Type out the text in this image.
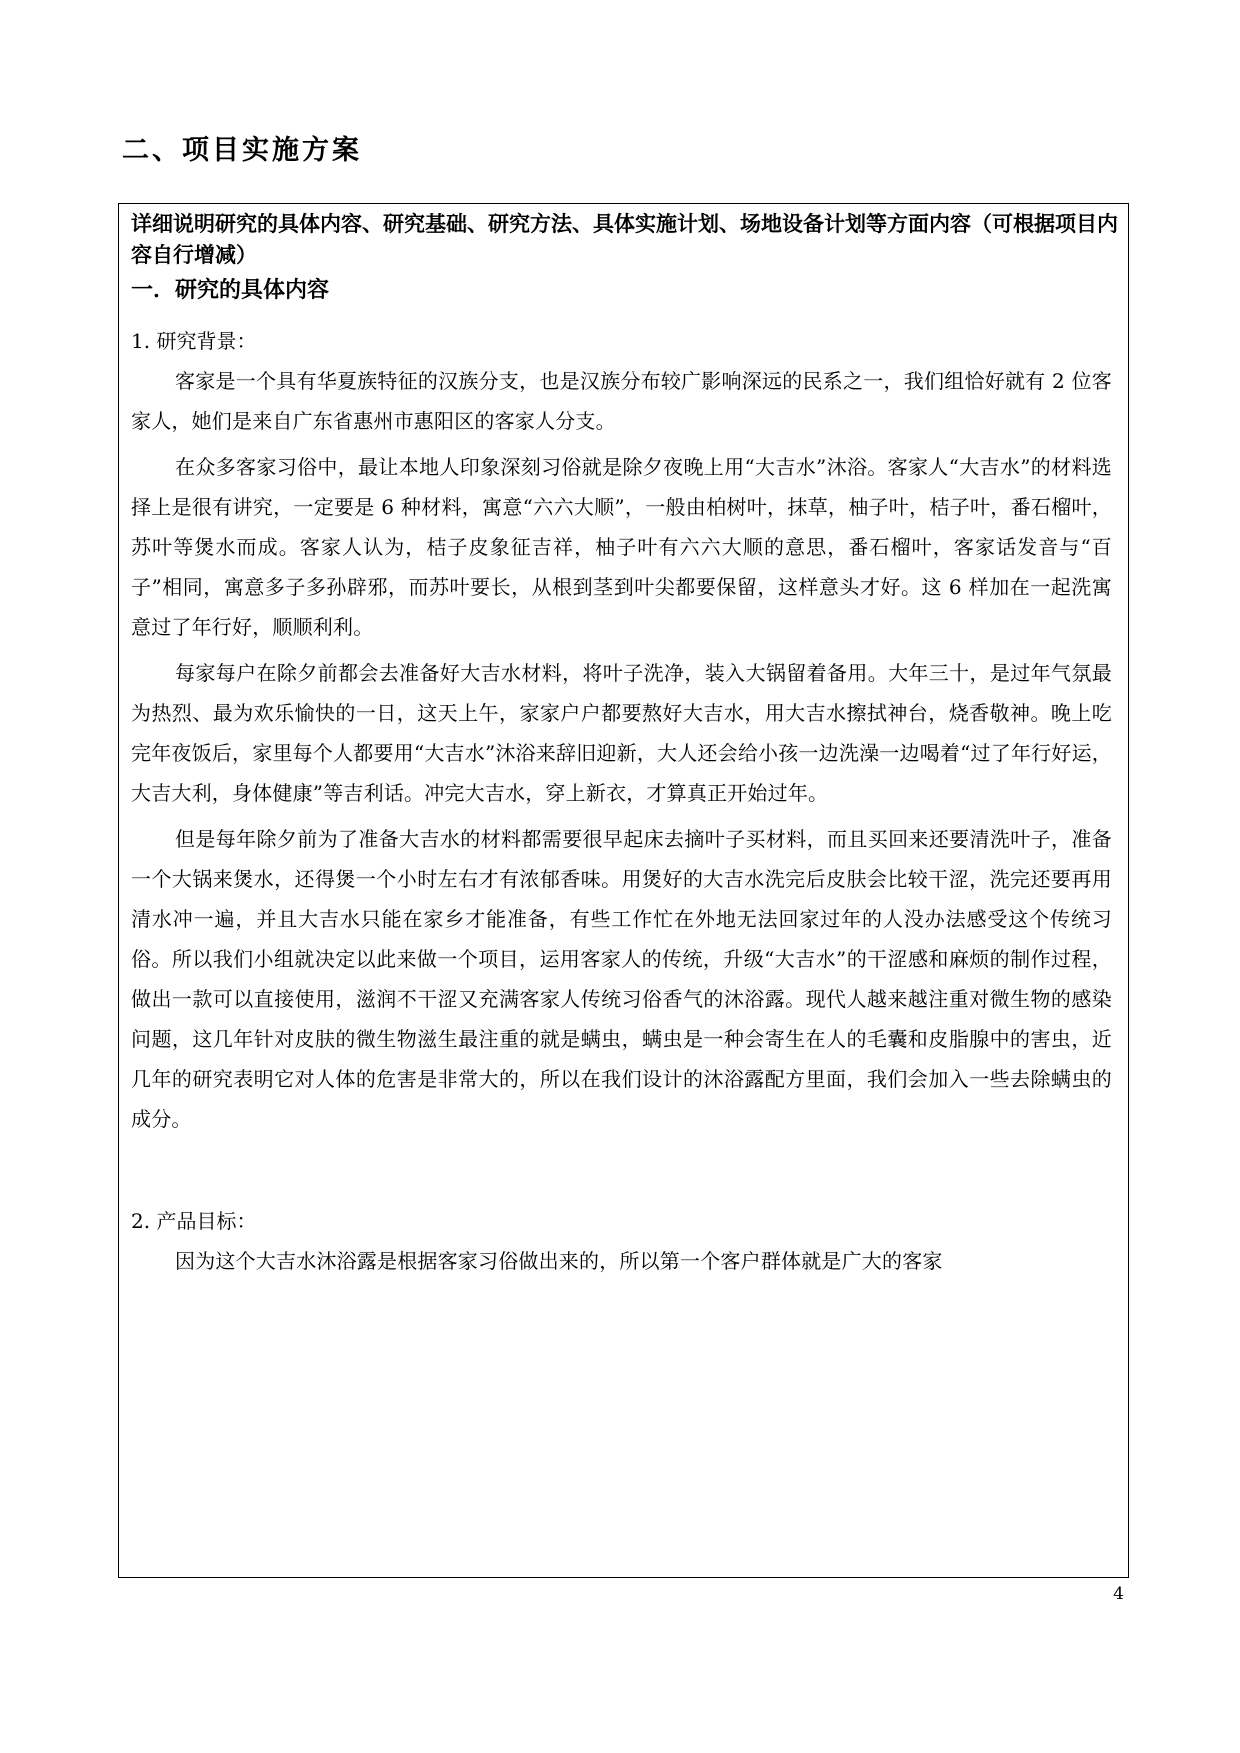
二、项目实施方案
详细说明研究的具体内容、研究基础、研究方法、具体实施计划、场地设备计划等方面内容（可根据项目内容自行增减）
一．研究的具体内容
1. 研究背景：

客家是一个具有华夏族特征的汉族分支，也是汉族分布较广影响深远的民系之一，我们组恰好就有 2 位客家人，她们是来自广东省惠州市惠阳区的客家人分支。

在众多客家习俗中，最让本地人印象深刻习俗就是除夕夜晚上用“大吉水”沐浴。客家人“大吉水”的材料选择上是很有讲究，一定要是 6 种材料，寓意“六六大顺”，一般由柏树叶，抹草，柚子叶，桔子叶，番石榴叶，苏叶等煲水而成。客家人认为，桔子皮象征吉祥，柚子叶有六六大顺的意思，番石榴叶，客家话发音与“百子”相同，寓意多子多孙辟邪，而苏叶要长，从根到茎到叶尖都要保留，这样意头才好。这 6 样加在一起洗寓意过了年行好，顺顺利利。

每家每户在除夕前都会去准备好大吉水材料，将叶子洗净，装入大锅留着备用。大年三十，是过年气氛最为热烈、最为欢乐愉快的一日，这天上午，家家户户都要熬好大吉水，用大吉水擦拭神台，烧香敬神。晚上吃完年夜饭后，家里每个人都要用“大吉水”沐浴来辞旧迎新，大人还会给小孩一边洗澡一边喝着“过了年行好运，大吉大利，身体健康”等吉利话。冲完大吉水，穿上新衣，才算真正开始过年。

但是每年除夕前为了准备大吉水的材料都需要很早起床去摘叶子买材料，而且买回来还要清洗叶子，准备一个大锅来煲水，还得煲一个小时左右才有浓郁香味。用煲好的大吉水洗完后皮肤会比较干涩，洗完还要再用清水冲一遍，并且大吉水只能在家乡才能准备，有些工作忙在外地无法回家过年的人没办法感受这个传统习俗。所以我们小组就决定以此来做一个项目，运用客家人的传统，升级“大吉水”的干涩感和麻烦的制作过程，做出一款可以直接使用，滋润不干涩又充满客家人传统习俗香气的沐浴露。现代人越来越注重对微生物的感染问题，这几年针对皮肤的微生物滋生最注重的就是螨虫，螨虫是一种会寄生在人的毛囊和皮脂腺中的害虫，近几年的研究表明它对人体的危害是非常大的，所以在我们设计的沐浴露配方里面，我们会加入一些去除螨虫的成分。

2. 产品目标：

因为这个大吉水沐浴露是根据客家习俗做出来的，所以第一个客户群体就是广大的客家

4
